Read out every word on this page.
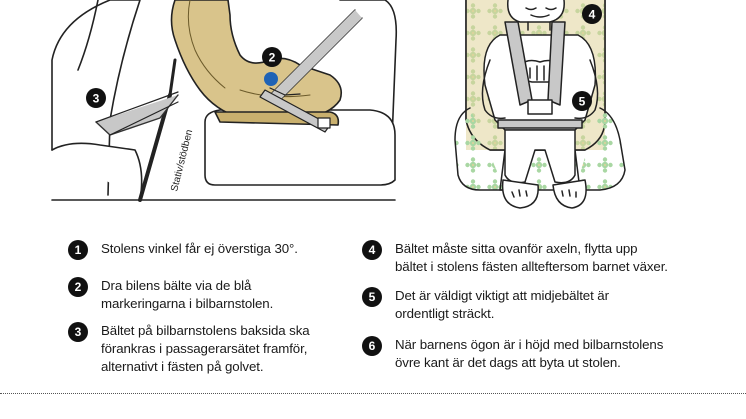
Stativ/stödben
2
3
4
5
1	Stolens vinkel får ej överstiga 30°.
2	Dra bilens bälte via de blå
markeringarna i bilbarnstolen.
3	Bältet på bilbarnstolens baksida ska
förankras i passagerarsätet framför,
alternativt i fästen på golvet.
4	Bältet måste sitta ovanför axeln, flytta upp
bältet i stolens fästen allteftersom barnet växer.
5	Det är väldigt viktigt att midjebältet är
ordentligt sträckt.
6	När barnens ögon är i höjd med bilbarnstolens
övre kant är det dags att byta ut stolen.
